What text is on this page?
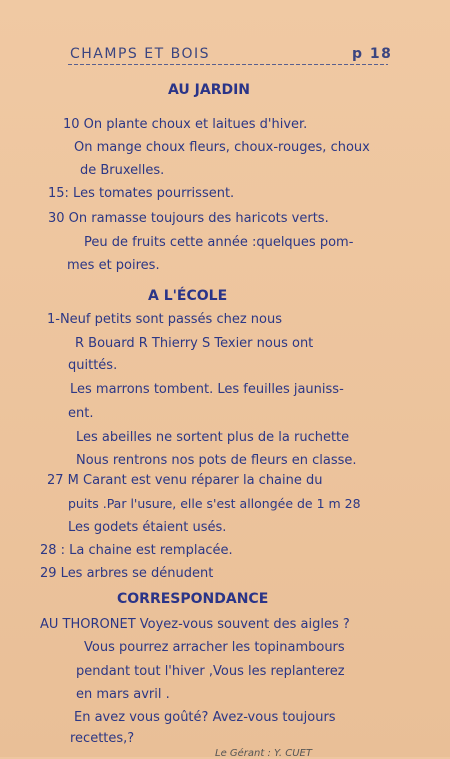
CHAMPS ET BOIS	p 18
AU JARDIN
10 On plante choux et laitues d'hiver.
On mange choux fleurs, choux-rouges, choux
de Bruxelles.
15: Les tomates pourrissent.
30 On ramasse toujours des haricots verts.
Peu de fruits cette année :quelques pom-
mes et poires.
A L'ÉCOLE
1-Neuf petits sont passés chez nous
R Bouard R Thierry S Texier nous ont
quittés.
Les marrons tombent. Les feuilles jauniss-
ent.
Les abeilles ne sortent plus de la ruchette
Nous rentrons nos pots de fleurs en classe.
27 M Carant est venu réparer la chaine du
puits .Par l'usure, elle s'est allongée de 1 m 28
Les godets étaient usés.
28 : La chaine est remplacée.
29 Les arbres se dénudent
CORRESPONDANCE
AU THORONET Voyez-vous souvent des aigles ?
Vous pourrez arracher les topinambours
pendant tout l'hiver ,Vous les replanterez
en mars avril .
En avez vous goûté? Avez-vous toujours
recettes,?
Le Gérant : Y. CUET
